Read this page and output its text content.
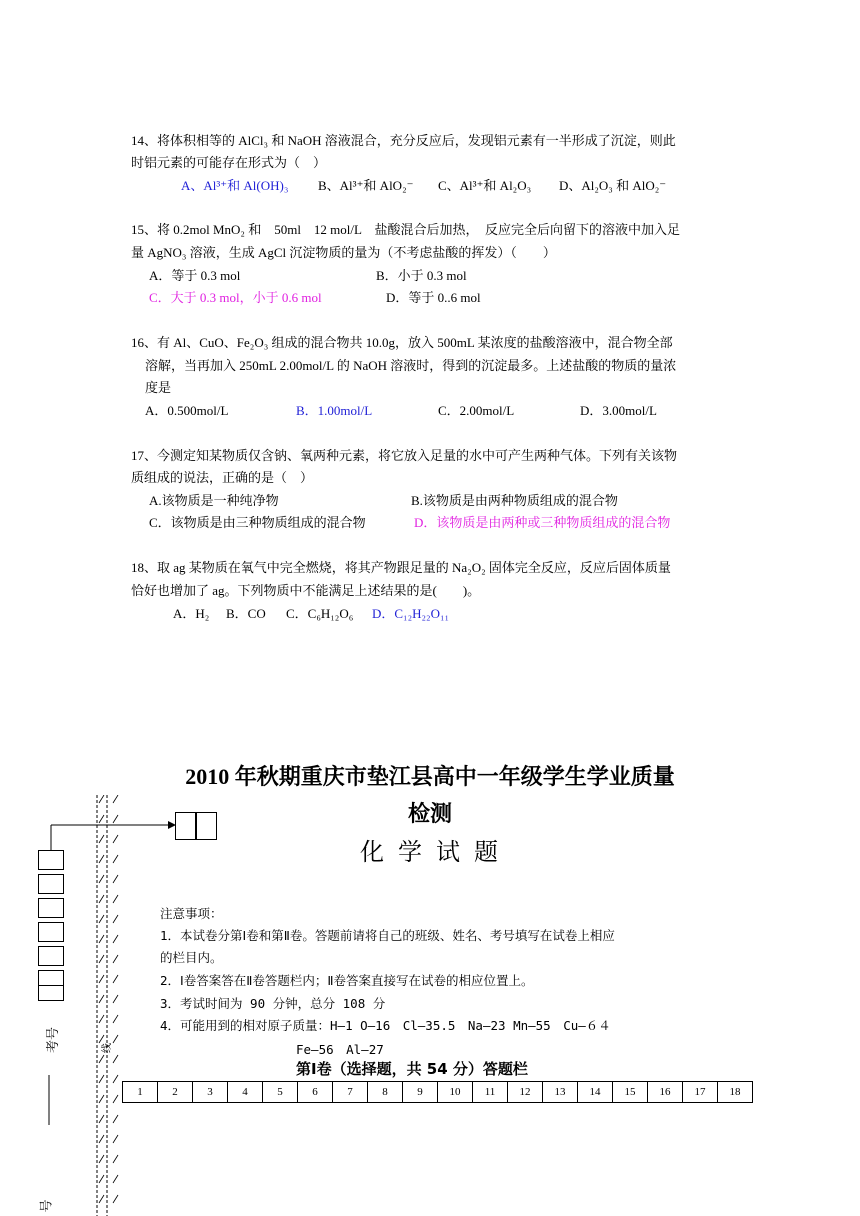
14、将体积相等的 AlCl₃ 和 NaOH 溶液混合，充分反应后，发现铝元素有一半形成了沉淀，则此
时铝元素的可能存在形式为（　）
A、Al³⁺和 Al(OH)₃ B、Al³⁺和 AlO₂⁻ C、Al³⁺和 Al₂O₃ D、Al₂O₃ 和 AlO₂⁻
15、将 0.2mol MnO₂ 和　50ml　12 mol/L　盐酸混合后加热，　反应完全后向留下的溶液中加入足
量 AgNO₃ 溶液，生成 AgCl 沉淀物质的量为（不考虑盐酸的挥发）（　　）
A．等于 0.3 mol	B．小于 0.3 mol
C．大于 0.3 mol，小于 0.6 mol	D．等于 0..6 mol
16、有 Al、CuO、Fe₂O₃ 组成的混合物共 10.0g，放入 500mL 某浓度的盐酸溶液中，混合物全部
溶解，当再加入 250mL 2.00mol/L 的 NaOH 溶液时，得到的沉淀最多。上述盐酸的物质的量浓
度是
A．0.500mol/L	B．1.00mol/L	C．2.00mol/L	D．3.00mol/L
17、今测定知某物质仅含钠、氧两种元素，将它放入足量的水中可产生两种气体。下列有关该物
质组成的说法，正确的是（　）
A.该物质是一种纯净物	B.该物质是由两种物质组成的混合物
C．该物质是由三种物质组成的混合物	D．该物质是由两种或三种物质组成的混合物
18、取 ag 某物质在氧气中完全燃烧，将其产物跟足量的 Na₂O₂ 固体完全反应，反应后固体质量
恰好也增加了 ag。下列物质中不能满足上述结果的是(　　)。
A．H₂ B．CO C．C₆H₁₂O₆ D．C₁₂H₂₂O₁₁
2010 年秋期重庆市垫江县高中一年级学生学业质量
检测
化学试题
考号	线
号
注意事项：
1．本试卷分第Ⅰ卷和第Ⅱ卷。答题前请将自己的班级、姓名、考号填写在试卷上相应
的栏目内。
2．Ⅰ卷答案答在Ⅱ卷答题栏内；Ⅱ卷答案直接写在试卷的相应位置上。
3．考试时间为 90 分钟，总分 108 分
4．可能用到的相对原子质量：H—1 O—16　Cl—35.5　Na—23 Mn—55　Cu—６４
Fe—56　Al—27
第Ⅰ卷（选择题，共 54 分）答题栏
1	2	3	4	5	6	7	8	9	10	11	12	13	14	15	16	17	18
